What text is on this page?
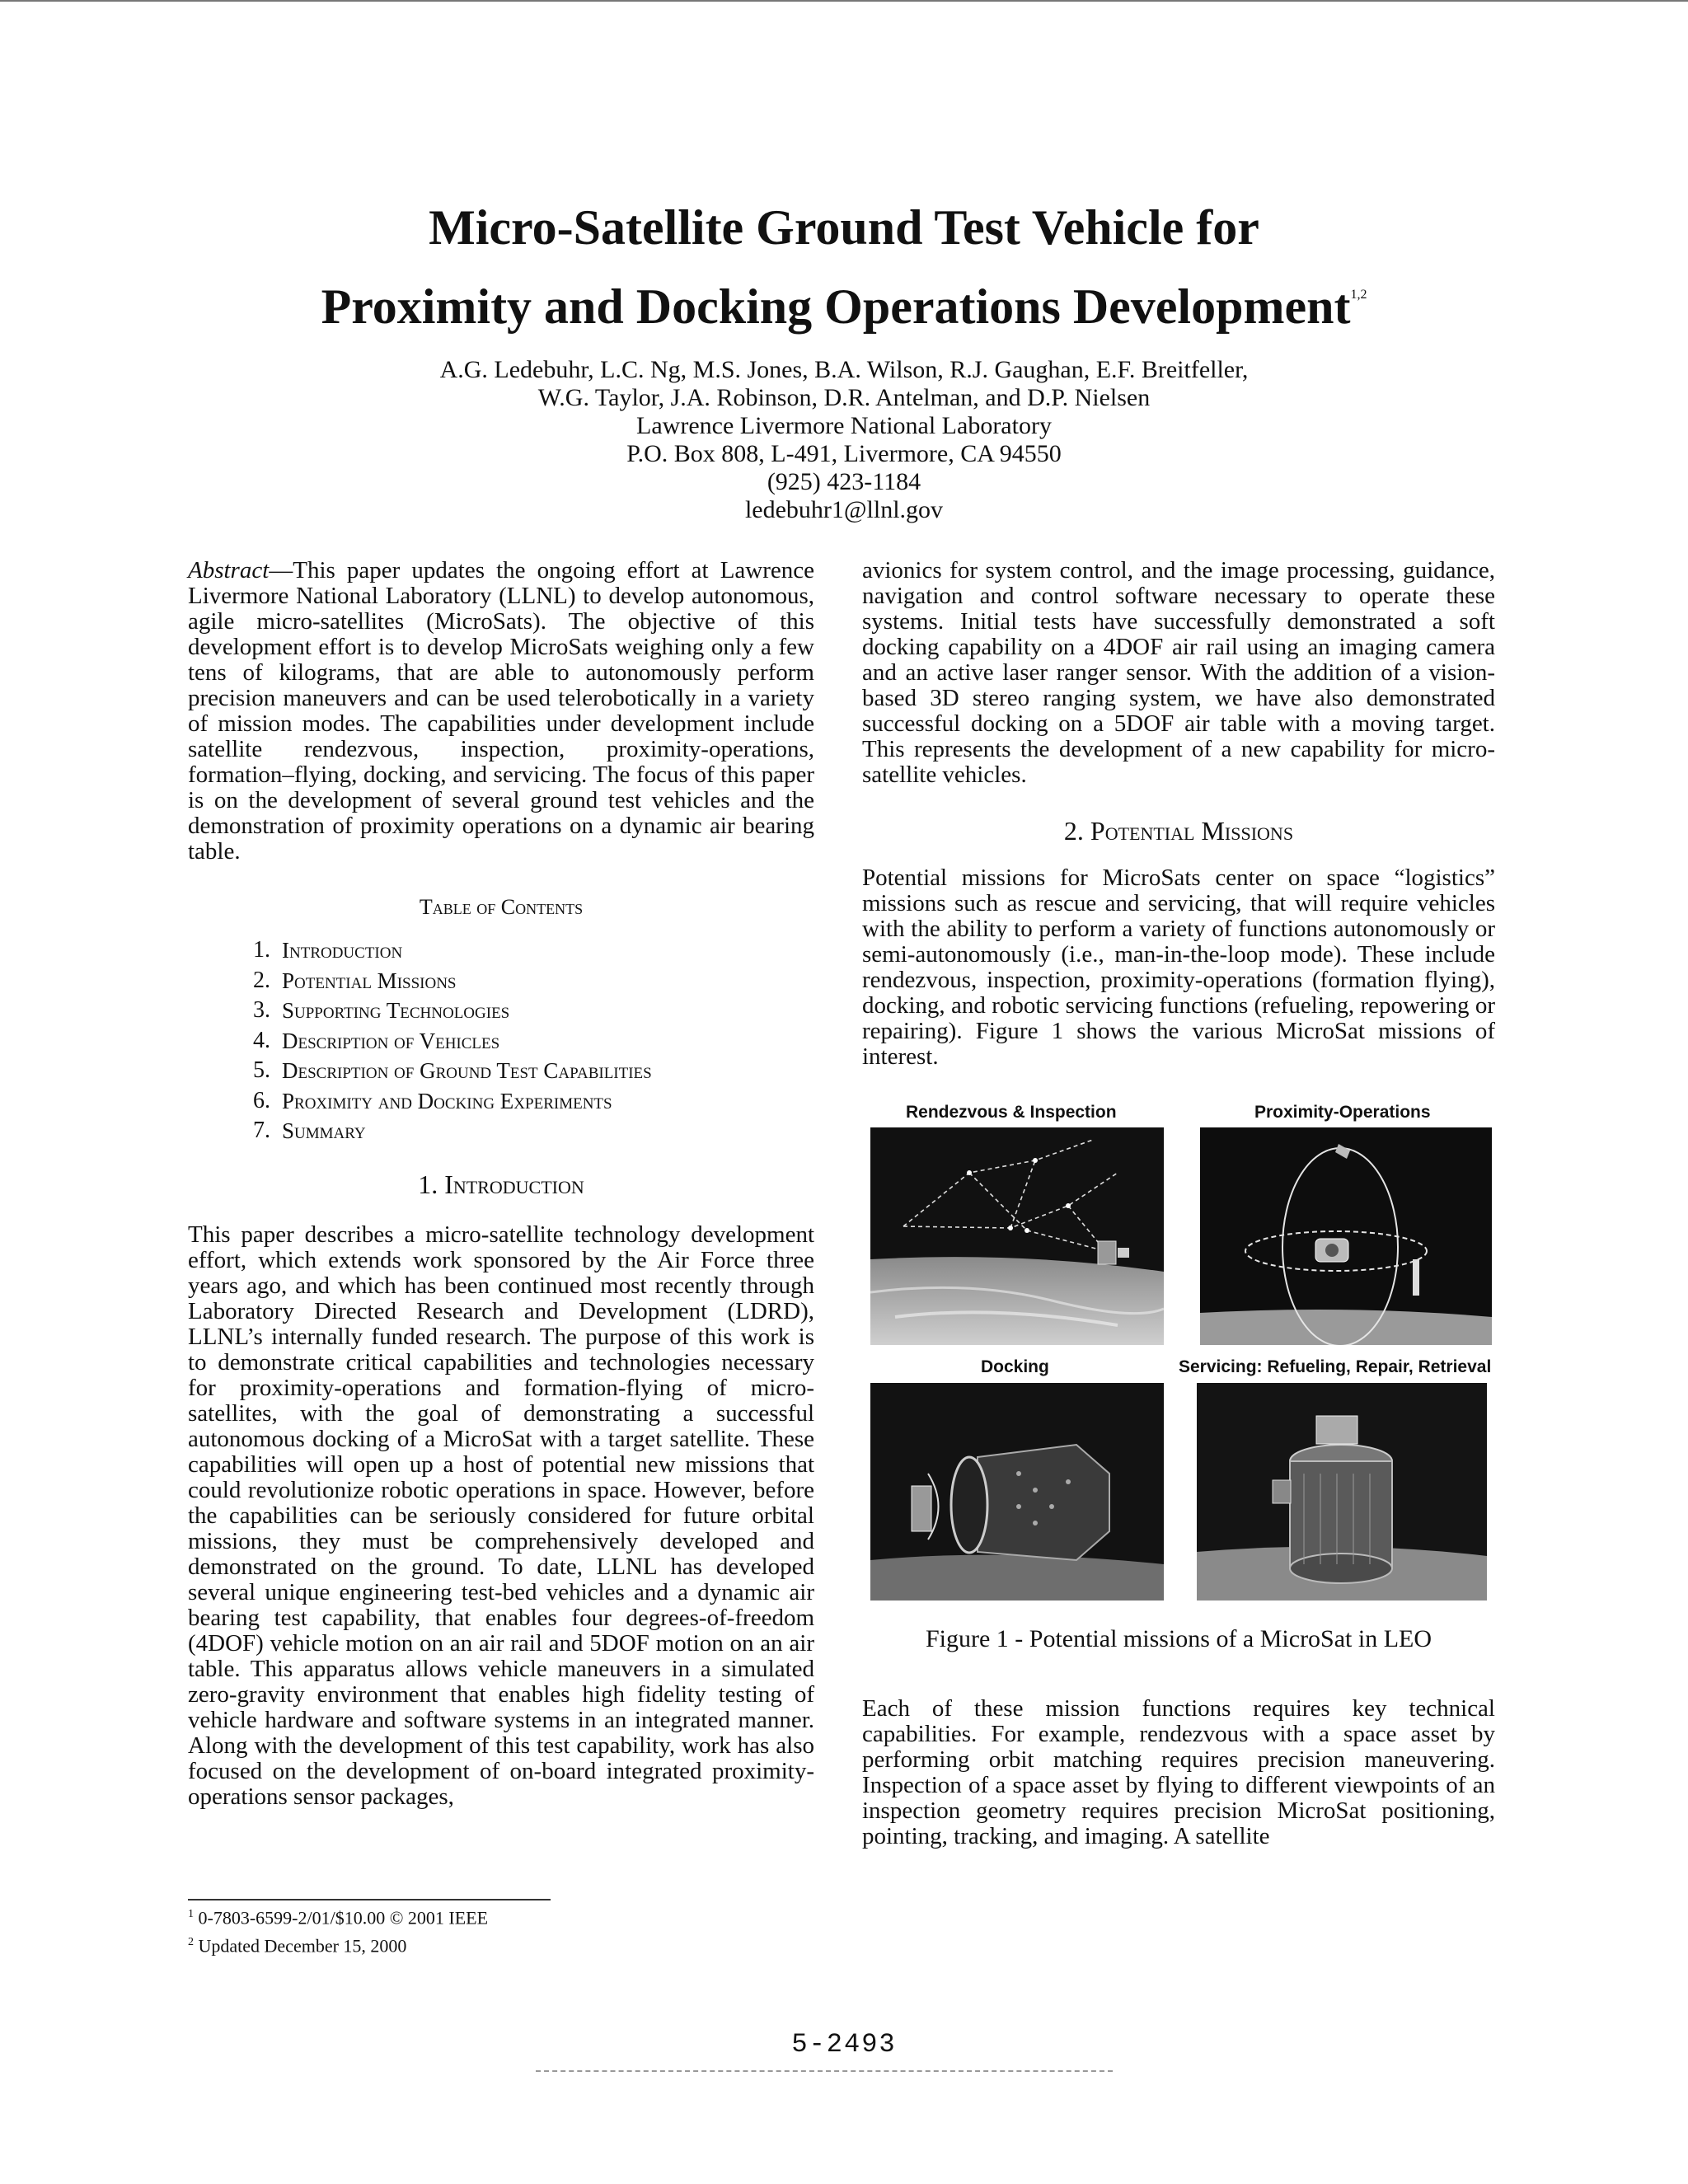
Micro-Satellite Ground Test Vehicle for
Proximity and Docking Operations Development$^{1,2}$
A.G. Ledebuhr, L.C. Ng, M.S. Jones, B.A. Wilson, R.J. Gaughan, E.F. Breitfeller,
W.G. Taylor, J.A. Robinson, D.R. Antelman, and D.P. Nielsen
Lawrence Livermore National Laboratory
P.O. Box 808, L-491, Livermore, CA 94550
(925) 423-1184
ledebuhr1@llnl.gov

Abstract—This paper updates the ongoing effort at Lawrence Livermore National Laboratory (LLNL) to develop autonomous, agile micro-satellites (MicroSats). The objective of this development effort is to develop MicroSats weighing only a few tens of kilograms, that are able to autonomously perform precision maneuvers and can be used telerobotically in a variety of mission modes. The capabilities under development include satellite rendezvous, inspection, proximity-operations, formation–flying, docking, and servicing. The focus of this paper is on the development of several ground test vehicles and the demonstration of proximity operations on a dynamic air bearing table.

Table of Contents
1. Introduction
2. Potential Missions
3. Supporting Technologies
4. Description of Vehicles
5. Description of Ground Test Capabilities
6. Proximity and Docking Experiments
7. Summary
1. Introduction

This paper describes a micro-satellite technology development effort, which extends work sponsored by the Air Force three years ago, and which has been continued most recently through Laboratory Directed Research and Development (LDRD), LLNL’s internally funded research. The purpose of this work is to demonstrate critical capabilities and technologies necessary for proximity-operations and formation-flying of micro-satellites, with the goal of demonstrating a successful autonomous docking of a MicroSat with a target satellite. These capabilities will open up a host of potential new missions that could revolutionize robotic operations in space. However, before the capabilities can be seriously considered for future orbital missions, they must be comprehensively developed and demonstrated on the ground. To date, LLNL has developed several unique engineering test-bed vehicles and a dynamic air bearing test capability, that enables four degrees-of-freedom (4DOF) vehicle motion on an air rail and 5DOF motion on an air table. This apparatus allows vehicle maneuvers in a simulated zero-gravity environment that enables high fidelity testing of vehicle hardware and software systems in an integrated manner. Along with the development of this test capability, work has also focused on the development of on-board integrated proximity-operations sensor packages,

avionics for system control, and the image processing, guidance, navigation and control software necessary to operate these systems. Initial tests have successfully demonstrated a soft docking capability on a 4DOF air rail using an imaging camera and an active laser ranger sensor. With the addition of a vision-based 3D stereo ranging system, we have also demonstrated successful docking on a 5DOF air table with a moving target. This represents the development of a new capability for micro-satellite vehicles.

2. Potential Missions

Potential missions for MicroSats center on space “logistics” missions such as rescue and servicing, that will require vehicles with the ability to perform a variety of functions autonomously or semi-autonomously (i.e., man-in-the-loop mode). These include rendezvous, inspection, proximity-operations (formation flying), docking, and robotic servicing functions (refueling, repowering or repairing). Figure 1 shows the various MicroSat missions of interest.

Rendezvous & Inspection	Proximity-Operations
Docking	Servicing: Refueling, Repair, Retrieval
Figure 1 - Potential missions of a MicroSat in LEO

Each of these mission functions requires key technical capabilities. For example, rendezvous with a space asset by performing orbit matching requires precision maneuvering. Inspection of a space asset by flying to different viewpoints of an inspection geometry requires precision MicroSat positioning, pointing, tracking, and imaging. A satellite

$^1$ 0-7803-6599-2/01/$10.00 © 2001 IEEE
$^2$ Updated December 15, 2000
5-2493
